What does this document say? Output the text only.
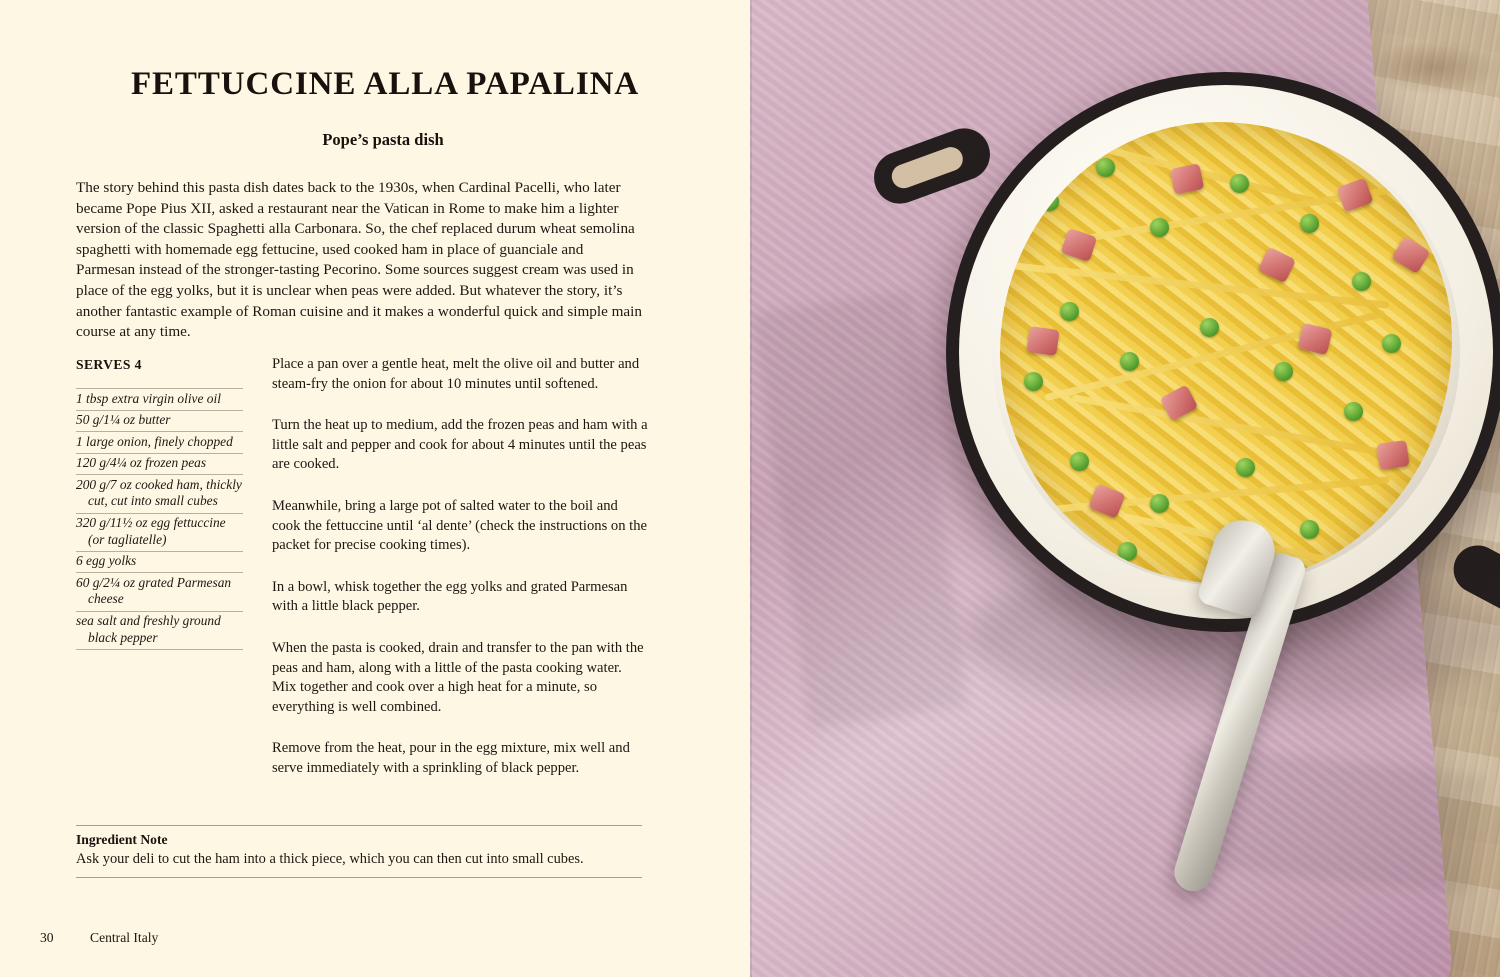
FETTUCCINE ALLA PAPALINA
Pope’s pasta dish
The story behind this pasta dish dates back to the 1930s, when Cardinal Pacelli, who later became Pope Pius XII, asked a restaurant near the Vatican in Rome to make him a lighter version of the classic Spaghetti alla Carbonara. So, the chef replaced durum wheat semolina spaghetti with homemade egg fettucine, used cooked ham in place of guanciale and Parmesan instead of the stronger-tasting Pecorino. Some sources suggest cream was used in place of the egg yolks, but it is unclear when peas were added. But whatever the story, it’s another fantastic example of Roman cuisine and it makes a wonderful quick and simple main course at any time.
SERVES 4
1 tbsp extra virgin olive oil
50 g/1¼ oz butter
1 large onion, finely chopped
120 g/4¼ oz frozen peas
200 g/7 oz cooked ham, thickly
cut, cut into small cubes
320 g/11½ oz egg fettuccine
(or tagliatelle)
6 egg yolks
60 g/2¼ oz grated Parmesan
cheese
sea salt and freshly ground
black pepper

Place a pan over a gentle heat, melt the olive oil and butter and steam-fry the onion for about 10 minutes until softened.

Turn the heat up to medium, add the frozen peas and ham with a little salt and pepper and cook for about 4 minutes until the peas are cooked.

Meanwhile, bring a large pot of salted water to the boil and cook the fettuccine until ‘al dente’ (check the instructions on the packet for precise cooking times).

In a bowl, whisk together the egg yolks and grated Parmesan with a little black pepper.

When the pasta is cooked, drain and transfer to the pan with the peas and ham, along with a little of the pasta cooking water. Mix together and cook over a high heat for a minute, so everything is well combined.

Remove from the heat, pour in the egg mixture, mix well and serve immediately with a sprinkling of black pepper.

Ingredient Note
Ask your deli to cut the ham into a thick piece, which you can then cut into small cubes.
30	Central Italy
